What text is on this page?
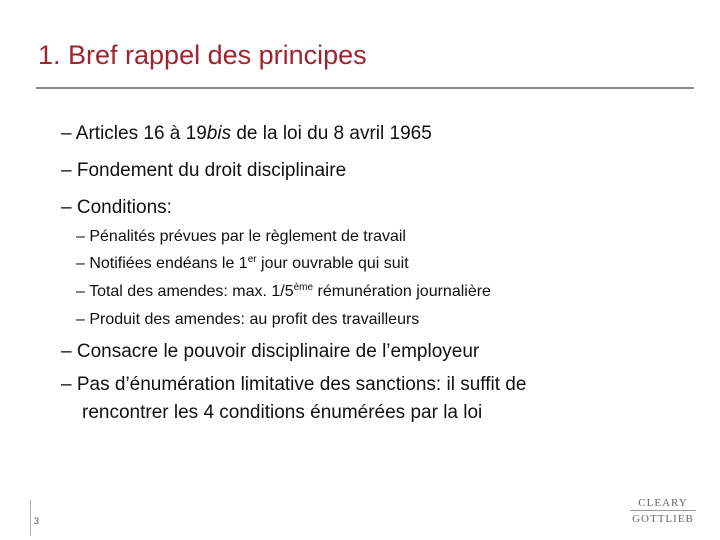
1. Bref rappel des principes
– Articles 16 à 19bis de la loi du 8 avril 1965
– Fondement du droit disciplinaire
– Conditions:
– Pénalités prévues par le règlement de travail
– Notifiées endéans le 1er jour ouvrable qui suit
– Total des amendes: max. 1/5ème rémunération journalière
– Produit des amendes: au profit des travailleurs
– Consacre le pouvoir disciplinaire de l’employeur
– Pas d’énumération limitative des sanctions: il suffit de
rencontrer les 4 conditions énumérées par la loi
3
CLEARY
GOTTLIEB
